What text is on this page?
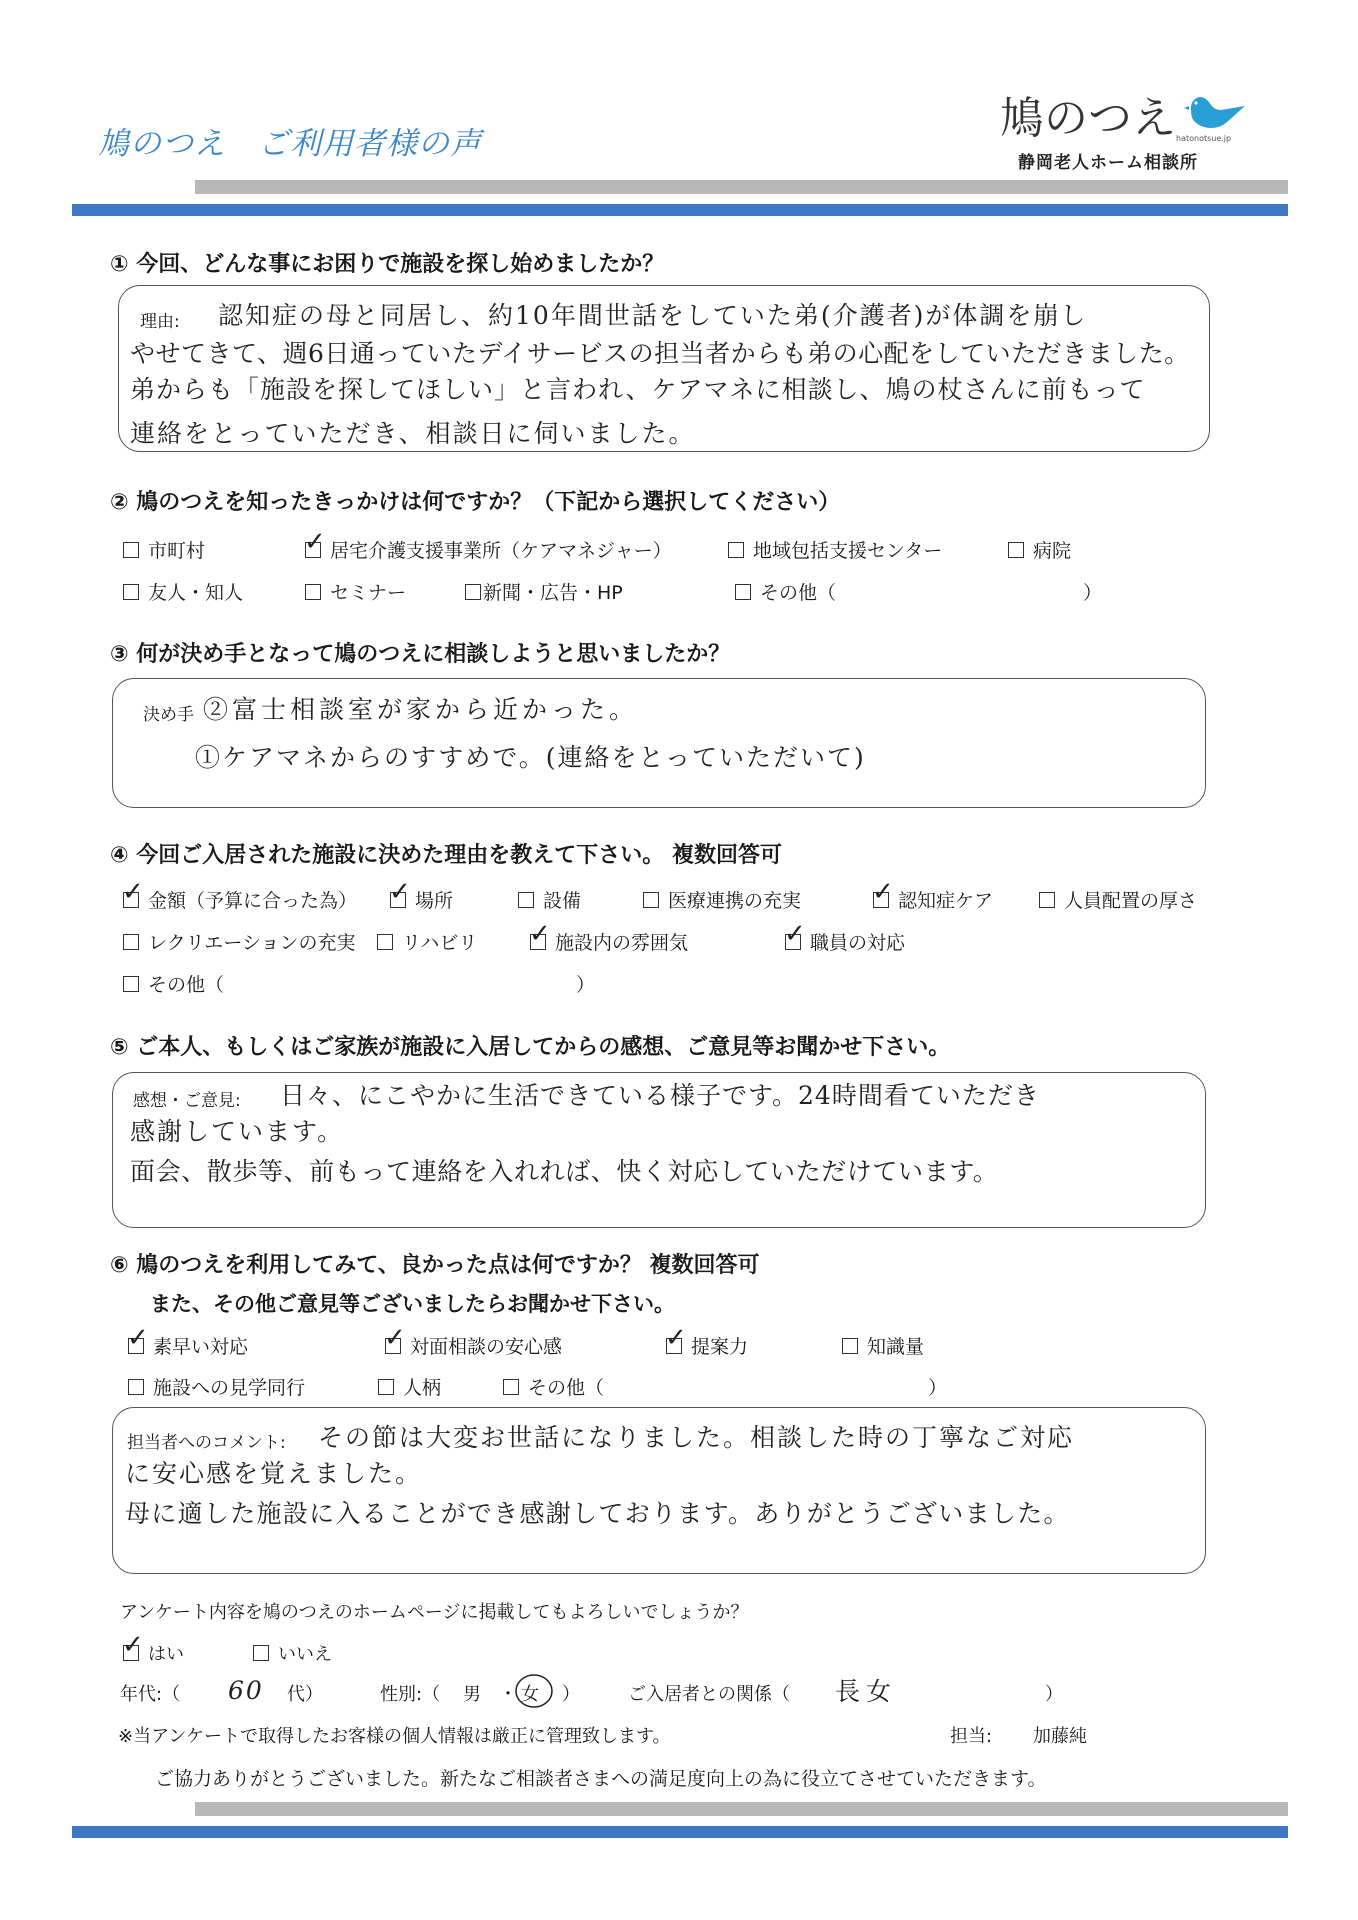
鳩のつえ　ご利用者様の声	鳩のつえ hatonotsue.jp
静岡老人ホーム相談所
① 今回、どんな事にお困りで施設を探し始めましたか？
理由: 認知症の母と同居し、約10年間世話をしていた弟(介護者)が体調を崩し
やせてきて、週6日通っていたデイサービスの担当者からも弟の心配をしていただきました。
弟からも「施設を探してほしい」と言われ、ケアマネに相談し、鳩の杖さんに前もって
連絡をとっていただき、相談日に伺いました。
② 鳩のつえを知ったきっかけは何ですか？（下記から選択してください）
市町村	✓ 居宅介護支援事業所（ケアマネジャー）	地域包括支援センター	病院
友人・知人	セミナー	新聞・広告・HP	その他（	）
③ 何が決め手となって鳩のつえに相談しようと思いましたか？
決め手 ②富士相談室が家から近かった。
①ケアマネからのすすめで。(連絡をとっていただいて)
④ 今回ご入居された施設に決めた理由を教えて下さい。 複数回答可
✓ 金額（予算に合った為） ✓ 場所	設備	医療連携の充実	✓ 認知症ケア	人員配置の厚さ
レクリエーションの充実 リハビリ ✓ 施設内の雰囲気	✓ 職員の対応
その他（	）
⑤ ご本人、もしくはご家族が施設に入居してからの感想、ご意見等お聞かせ下さい。
感想・ご意見: 日々、にこやかに生活できている様子です。24時間看ていただき
感謝しています。
面会、散歩等、前もって連絡を入れれば、快く対応していただけています。
⑥ 鳩のつえを利用してみて、良かった点は何ですか？ 複数回答可
また、その他ご意見等ございましたらお聞かせ下さい。
✓ 素早い対応	✓ 対面相談の安心感	✓ 提案力	知識量
施設への見学同行	人柄	その他（	）
担当者へのコメント: その節は大変お世話になりました。相談した時の丁寧なご対応
に安心感を覚えました。
母に適した施設に入ることができ感謝しております。ありがとうございました。
アンケート内容を鳩のつえのホームページに掲載してもよろしいでしょうか？
✓ はい	いいえ
年代:（ 60 代）	性別:（ 男 ・ 女 ）	ご入居者との関係（ 長女	）
※当アンケートで取得したお客様の個人情報は厳正に管理致します。	担当: 加藤純
ご協力ありがとうございました。新たなご相談者さまへの満足度向上の為に役立てさせていただきます。
